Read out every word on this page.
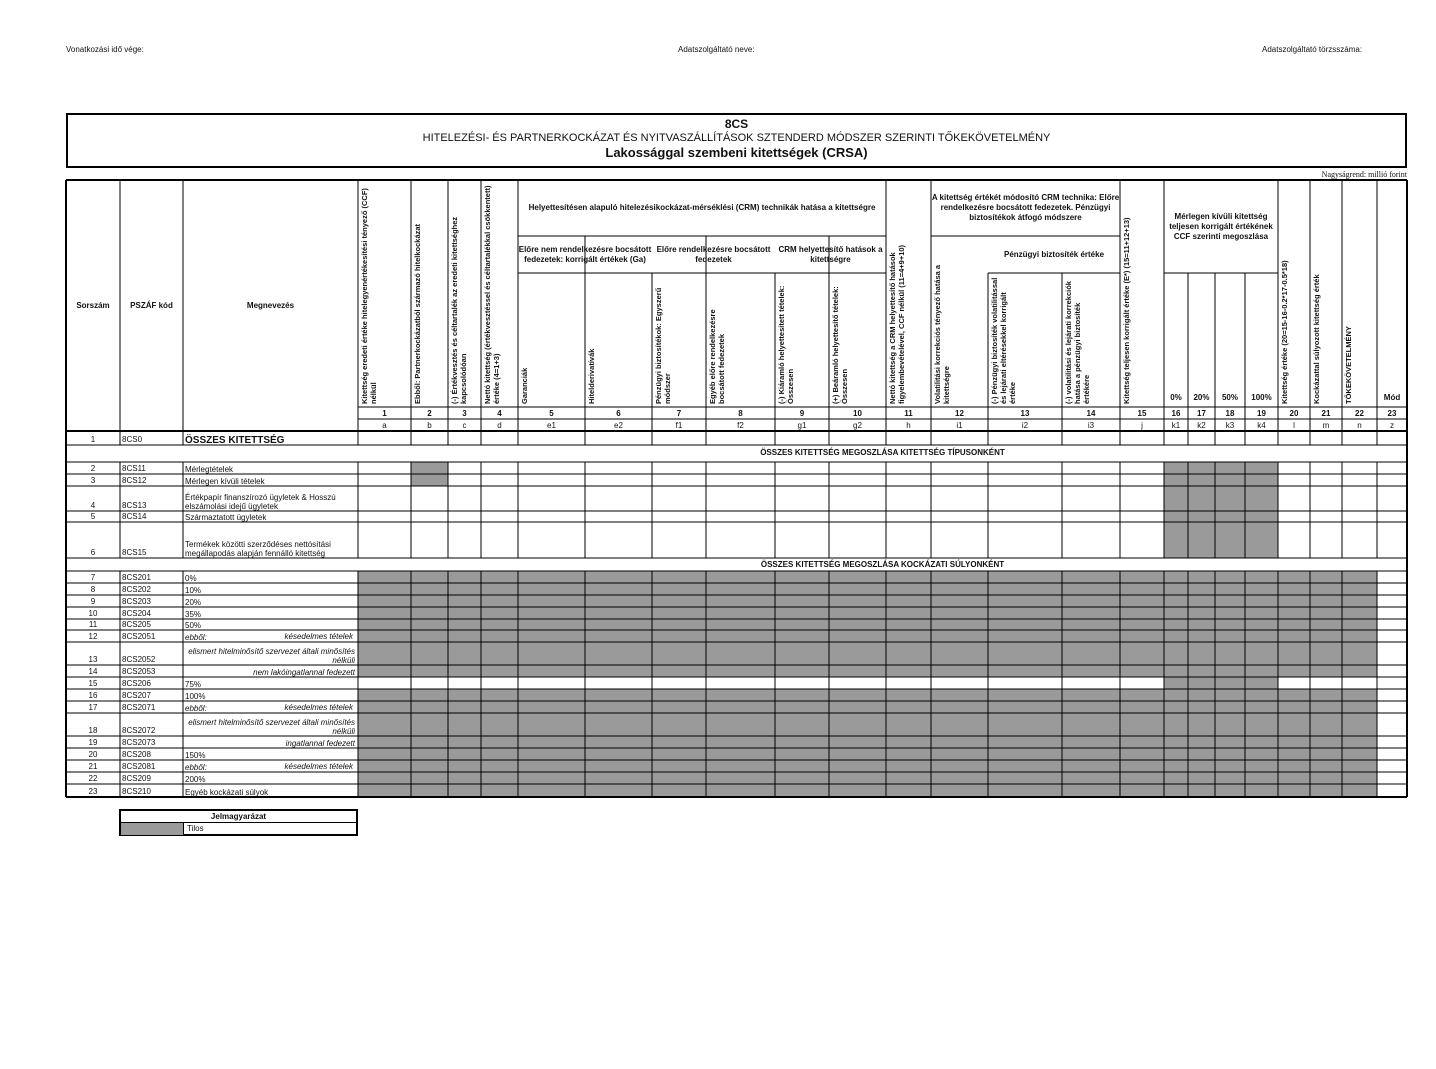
Vonatkozási idő vége:	Adatszolgáltató neve:	Adatszolgáltató törzsszáma:
8CS
HITELEZÉSI- ÉS PARTNERKOCKÁZAT ÉS NYITVASZÁLLÍTÁSOK SZTENDERD MÓDSZER SZERINTI TŐKEKÖVETELMÉNY
Lakossággal szembeni kitettségek (CRSA)
Nagyságrend: millió forint
Sorszám	PSZÁF kód	Megnevezés
Helyettesítésen alapuló hitelezésikockázat-mérséklési (CRM) technikák hatása a kitettségre
Előre nem rendelkezésre bocsátott fedezetek: korrigált értékek (Ga)
Előre rendelkezésre bocsátott fedezetek
CRM helyettesítő hatások a kitettségre
A kitettség értékét módosító CRM technika: Előre rendelkezésre bocsátott fedezetek. Pénzügyi biztosítékok átfogó módszere
Pénzügyi biztosíték értéke
Mérlegen kívüli kitettség teljesen korrigált értékének CCF szerinti megoszlása
Kitettség eredeti értéke hitelegyenértékesítési tényező (CCF) nélkül
1
a
Ebből: Partnerkockázatból származó hitelkockázat
2
b
(-) Értékvesztés és céltartalék az eredeti kitettséghez kapcsolódóan
3
c
Nettó kitettség (értékvesztéssel és céltartalékkal csökkentett) értéke (4=1+3)
4
d
Garanciák
5
e1
Hitelderivatívák
6
e2
Pénzügyi biztosítékok: Egyszerű módszer
7
f1
Egyéb előre rendelkezésre bocsátott fedezetek
8
f2
(-) Kiáramló helyettesített tételek: Összesen
9
g1
(+) Beáramló helyettesítő tételek: Összesen
10
g2
Nettó kitettség a CRM helyettesítő hatások figyelembevételével, CCF nélkül (11=4+9+10)
11
h
Volatilitási korrekciós tényező hatása a kitettségre
12
i1
(-) Pénzügyi biztosíték volatilitással és lejárati eltérésekkel korrigált értéke
13
i2
(-) volatilitási és lejárati korrekciók hatása a pénzügyi biztosíték értékére
14
i3
Kitettség teljesen korrigált értéke (E*) (15=11+12+13)
15
j
0%
16
k1
20%
17
k2
50%
18
k3
100%
19
k4
Kitettség értéke (20=15-16-0.2*17-0.5*18)
20
l
Kockázattal súlyozott kitettség érték
21
m
TŐKEKÖVETELMÉNY
22
n
Mód
23
z
ÖSSZES KITETTSÉG MEGOSZLÁSA KITETTSÉG TÍPUSONKÉNT
ÖSSZES KITETTSÉG MEGOSZLÁSA KOCKÁZATI SÚLYONKÉNT
1	8CS0	ÖSSZES KITETTSÉG
2	8CS11	Mérlegtételek
3	8CS12	Mérlegen kívüli tételek
4	8CS13
Értékpapír finanszírozó ügyletek & Hosszú elszámolási idejű ügyletek
5	8CS14	Származtatott ügyletek
6	8CS15
Termékek közötti szerződéses nettósítási megállapodás alapján fennálló kitettség
7	8CS201	0%
8	8CS202	10%
9	8CS203	20%
10	8CS204	35%
11	8CS205	50%
12	8CS2051	ebből:	késedelmes tételek
13	8CS2052
elismert hitelminősítő szervezet általi minősítés nélküli
14	8CS2053	nem lakóingatlannal fedezett
15	8CS206	75%
16	8CS207	100%
17	8CS2071	ebből:	késedelmes tételek
18	8CS2072
elismert hitelminősítő szervezet általi minősítés nélküli
19	8CS2073	ingatlannal fedezett
20	8CS208	150%
21	8CS2081	ebből:	késedelmes tételek
22	8CS209	200%
23	8CS210	Egyéb kockázati súlyok
Jelmagyarázat
Tilos
